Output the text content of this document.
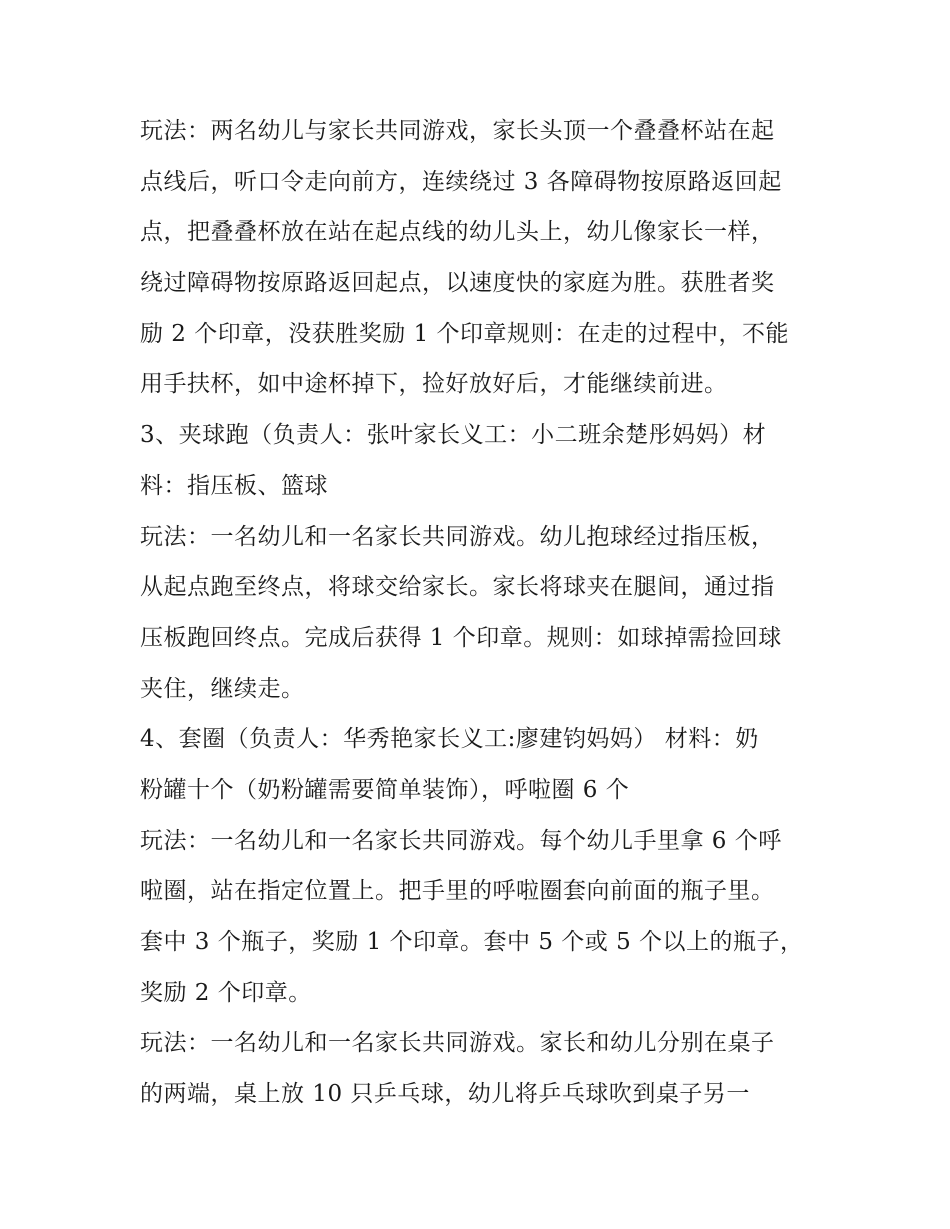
玩法：两名幼儿与家长共同游戏，家长头顶一个叠叠杯站在起
点线后，听口令走向前方，连续绕过 3 各障碍物按原路返回起
点，把叠叠杯放在站在起点线的幼儿头上，幼儿像家长一样，
绕过障碍物按原路返回起点，以速度快的家庭为胜。获胜者奖
励 2 个印章，没获胜奖励 1 个印章规则：在走的过程中，不能
用手扶杯，如中途杯掉下，捡好放好后，才能继续前进。
3、夹球跑（负责人：张叶家长义工：小二班余楚彤妈妈）材
料：指压板、篮球
玩法：一名幼儿和一名家长共同游戏。幼儿抱球经过指压板，
从起点跑至终点，将球交给家长。家长将球夹在腿间，通过指
压板跑回终点。完成后获得 1 个印章。规则：如球掉需捡回球
夹住，继续走。
4、套圈（负责人：华秀艳家长义工:廖建钧妈妈） 材料：奶
粉罐十个（奶粉罐需要简单装饰），呼啦圈 6 个
玩法：一名幼儿和一名家长共同游戏。每个幼儿手里拿 6 个呼
啦圈，站在指定位置上。把手里的呼啦圈套向前面的瓶子里。
套中 3 个瓶子，奖励 1 个印章。套中 5 个或 5 个以上的瓶子，
奖励 2 个印章。
玩法：一名幼儿和一名家长共同游戏。家长和幼儿分别在桌子
的两端，桌上放 10 只乒乓球，幼儿将乒乓球吹到桌子另一
